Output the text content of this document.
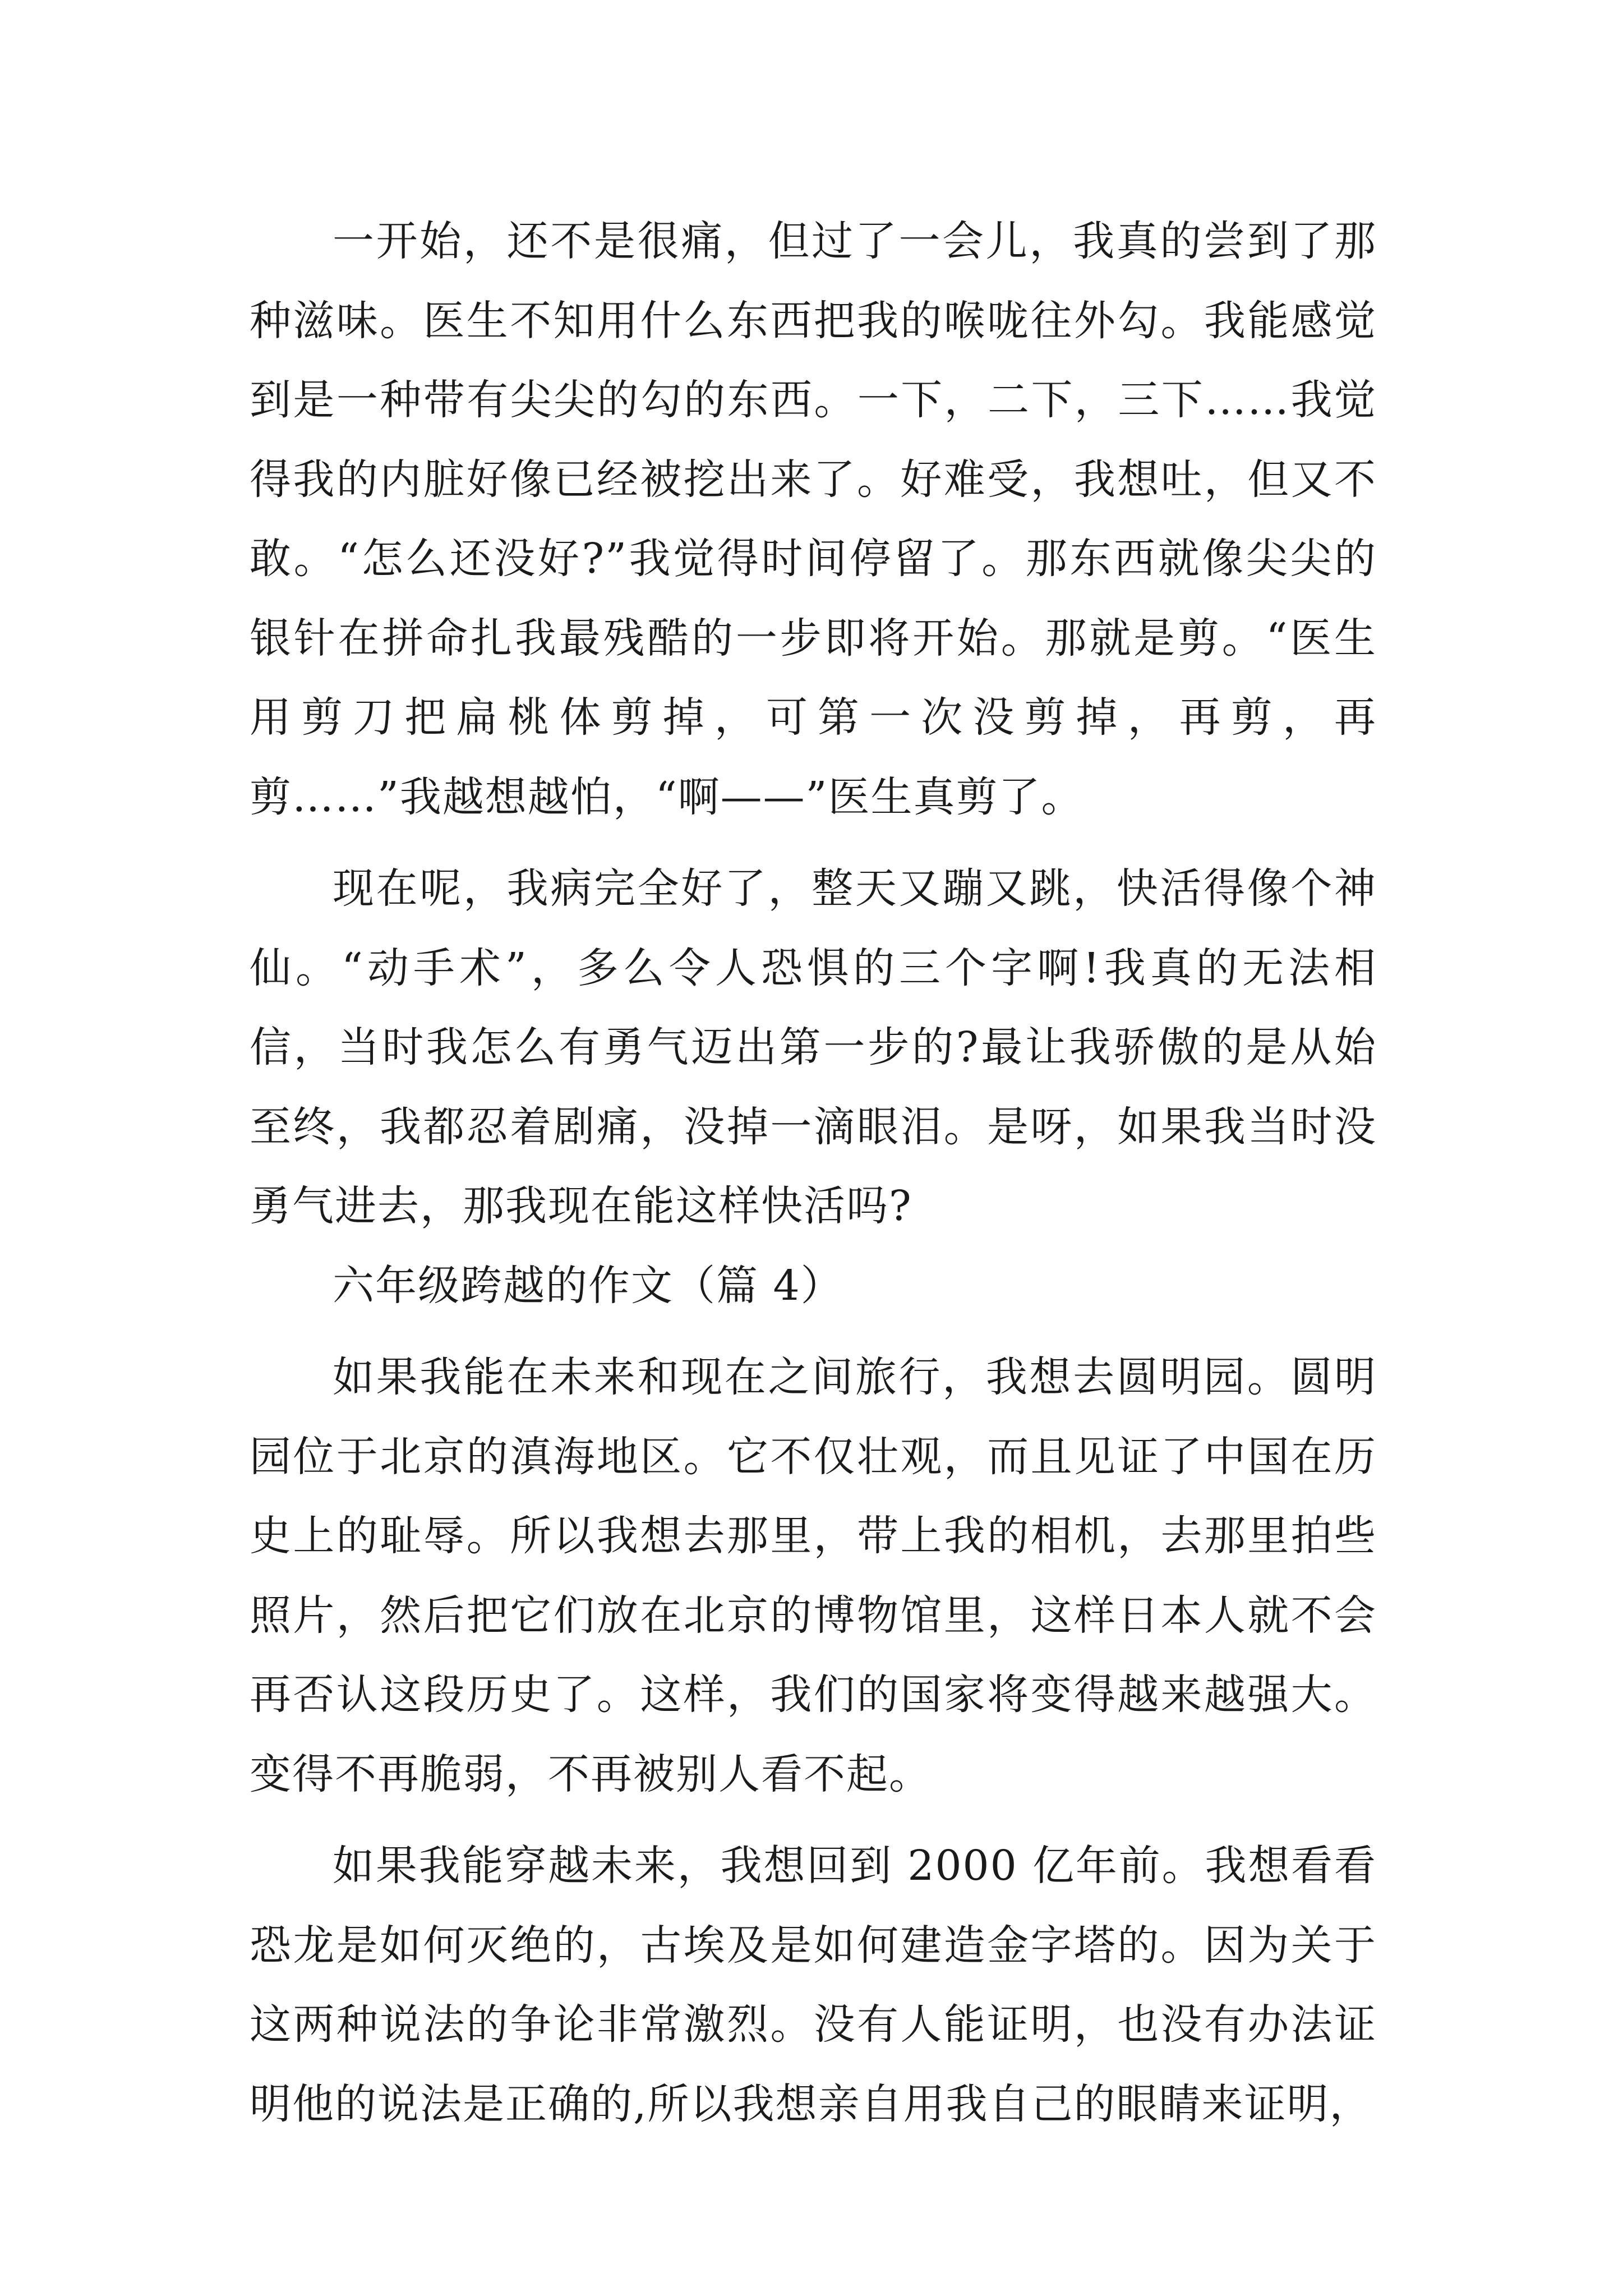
一开始，还不是很痛，但过了一会儿，我真的尝到了那种滋味。医生不知用什么东西把我的喉咙往外勾。我能感觉到是一种带有尖尖的勾的东西。一下，二下，三下……我觉得我的内脏好像已经被挖出来了。好难受，我想吐，但又不敢。“怎么还没好?”我觉得时间停留了。那东西就像尖尖的银针在拼命扎我最残酷的一步即将开始。那就是剪。“医生用剪刀把扁桃体剪掉，可第一次没剪掉，再剪，再剪……”我越想越怕，“啊——”医生真剪了。

现在呢，我病完全好了，整天又蹦又跳，快活得像个神仙。“动手术”，多么令人恐惧的三个字啊!我真的无法相信，当时我怎么有勇气迈出第一步的?最让我骄傲的是从始至终，我都忍着剧痛，没掉一滴眼泪。是呀，如果我当时没勇气进去，那我现在能这样快活吗?

六年级跨越的作文（篇 4）

如果我能在未来和现在之间旅行，我想去圆明园。圆明园位于北京的滇海地区。它不仅壮观，而且见证了中国在历史上的耻辱。所以我想去那里，带上我的相机，去那里拍些照片，然后把它们放在北京的博物馆里，这样日本人就不会再否认这段历史了。这样，我们的国家将变得越来越强大。变得不再脆弱，不再被别人看不起。

如果我能穿越未来，我想回到 2000 亿年前。我想看看恐龙是如何灭绝的，古埃及是如何建造金字塔的。因为关于这两种说法的争论非常激烈。没有人能证明，也没有办法证明他的说法是正确的,所以我想亲自用我自己的眼睛来证明，
